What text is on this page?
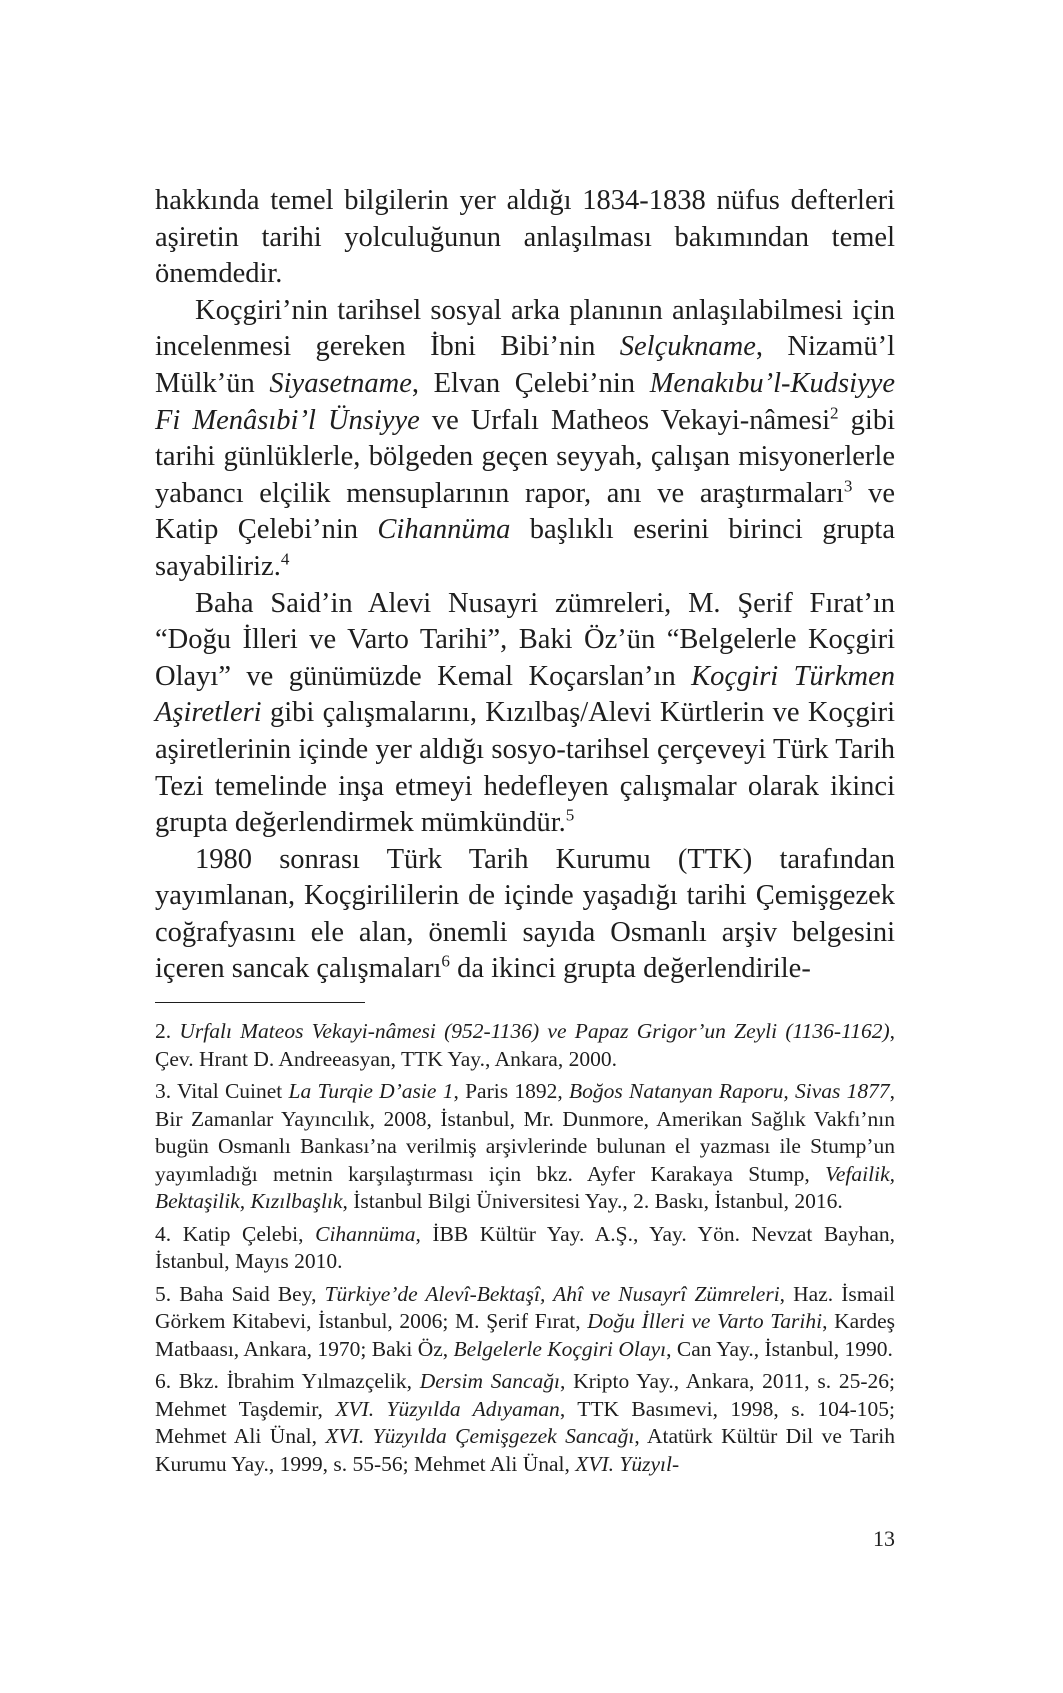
hakkında temel bilgilerin yer aldığı 1834-1838 nüfus defterleri aşiretin tarihi yolculuğunun anlaşılması bakımından temel önemdedir.

Koçgiri’nin tarihsel sosyal arka planının anlaşılabilmesi için incelenmesi gereken İbni Bibi’nin Selçukname, Nizamü’l Mülk’ün Siyasetname, Elvan Çelebi’nin Menakıbu’l-Kudsiyye Fi Menâsıbi’l Ünsiyye ve Urfalı Matheos Vekayi-nâmesi$^2$ gibi tarihi günlüklerle, bölgeden geçen seyyah, çalışan misyonerlerle yabancı elçilik mensuplarının rapor, anı ve araştırmaları$^3$ ve Katip Çelebi’nin Cihannüma başlıklı eserini birinci grupta sayabiliriz.$^4$

Baha Said’in Alevi Nusayri zümreleri, M. Şerif Fırat’ın “Doğu İlleri ve Varto Tarihi”, Baki Öz’ün “Belgelerle Koçgiri Olayı” ve günümüzde Kemal Koçarslan’ın Koçgiri Türkmen Aşiretleri gibi çalışmalarını, Kızılbaş/Alevi Kürtlerin ve Koçgiri aşiretlerinin içinde yer aldığı sosyo-tarihsel çerçeveyi Türk Tarih Tezi temelinde inşa etmeyi hedefleyen çalışmalar olarak ikinci grupta değerlendirmek mümkündür.$^5$

1980 sonrası Türk Tarih Kurumu (TTK) tarafından yayımlanan, Koçgirililerin de içinde yaşadığı tarihi Çemişgezek coğrafyasını ele alan, önemli sayıda Osmanlı arşiv belgesini içeren sancak çalışmaları$^6$ da ikinci grupta değerlendirile-

2. Urfalı Mateos Vekayi-nâmesi (952-1136) ve Papaz Grigor’un Zeyli (1136-1162), Çev. Hrant D. Andreeasyan, TTK Yay., Ankara, 2000.

3. Vital Cuinet La Turqie D’asie 1, Paris 1892, Boğos Natanyan Raporu, Sivas 1877, Bir Zamanlar Yayıncılık, 2008, İstanbul, Mr. Dunmore, Amerikan Sağlık Vakfı’nın bugün Osmanlı Bankası’na verilmiş arşivlerinde bulunan el yazması ile Stump’un yayımladığı metnin karşılaştırması için bkz. Ayfer Karakaya Stump, Vefailik, Bektaşilik, Kızılbaşlık, İstanbul Bilgi Üniversitesi Yay., 2. Baskı, İstanbul, 2016.

4. Katip Çelebi, Cihannüma, İBB Kültür Yay. A.Ş., Yay. Yön. Nevzat Bayhan, İstanbul, Mayıs 2010.

5. Baha Said Bey, Türkiye’de Alevî-Bektaşî, Ahî ve Nusayrî Zümreleri, Haz. İsmail Görkem Kitabevi, İstanbul, 2006; M. Şerif Fırat, Doğu İlleri ve Varto Tarihi, Kardeş Matbaası, Ankara, 1970; Baki Öz, Belgelerle Koçgiri Olayı, Can Yay., İstanbul, 1990.

6. Bkz. İbrahim Yılmazçelik, Dersim Sancağı, Kripto Yay., Ankara, 2011, s. 25-26; Mehmet Taşdemir, XVI. Yüzyılda Adıyaman, TTK Basımevi, 1998, s. 104-105; Mehmet Ali Ünal, XVI. Yüzyılda Çemişgezek Sancağı, Atatürk Kültür Dil ve Tarih Kurumu Yay., 1999, s. 55-56; Mehmet Ali Ünal, XVI. Yüzyıl-

13
